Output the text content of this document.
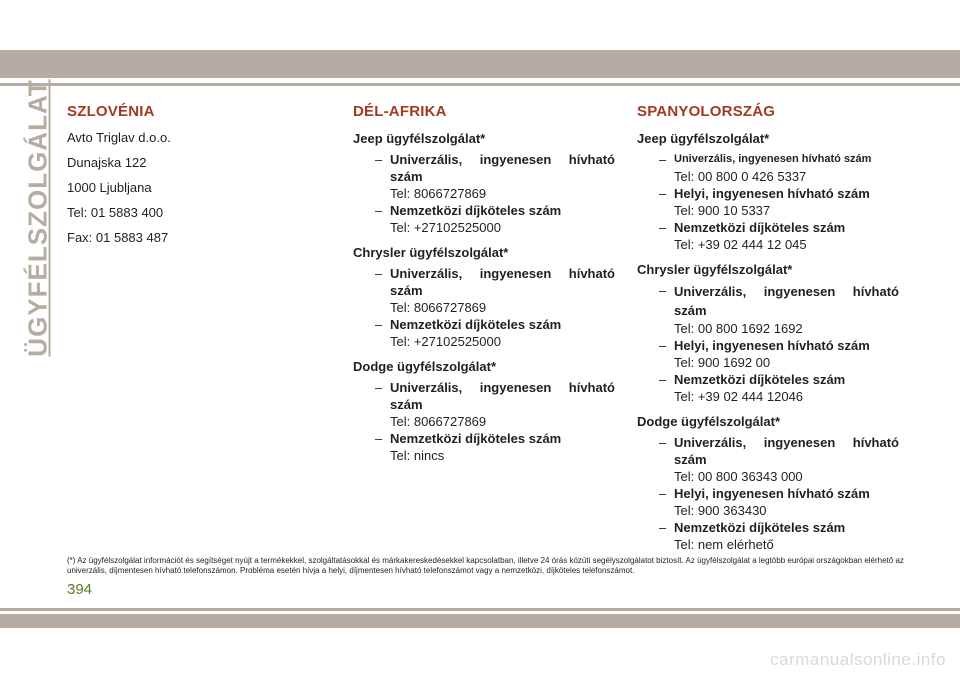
ÜGYFÉLSZOLGÁLAT SZLOVÉNIA

Avto Triglav d.o.o.

Dunajska 122

1000 Ljubljana

Tel: 01 5883 400

Fax: 01 5883 487

DÉL-AFRIKA

Jeep ügyfélszolgálat*

– Univerzális, ingyenesen hívható szám
Tel: 8066727869
– Nemzetközi díjköteles szám
Tel: +27102525000

Chrysler ügyfélszolgálat*

– Univerzális, ingyenesen hívható szám
Tel: 8066727869
– Nemzetközi díjköteles szám
Tel: +27102525000

Dodge ügyfélszolgálat*

– Univerzális, ingyenesen hívható szám
Tel: 8066727869
– Nemzetközi díjköteles szám
Tel: nincs
SPANYOLORSZÁG

Jeep ügyfélszolgálat*

– Univerzális, ingyenesen hívható szám
Tel: 00 800 0 426 5337
– Helyi, ingyenesen hívható szám
Tel: 900 10 5337
– Nemzetközi díjköteles szám
Tel: +39 02 444 12 045

Chrysler ügyfélszolgálat*

– Univerzális, ingyenesen hívható szám
Tel: 00 800 1692 1692
– Helyi, ingyenesen hívható szám
Tel: 900 1692 00
– Nemzetközi díjköteles szám
Tel: +39 02 444 12046

Dodge ügyfélszolgálat*

– Univerzális, ingyenesen hívható szám
Tel: 00 800 36343 000
– Helyi, ingyenesen hívható szám
Tel: 900 363430
– Nemzetközi díjköteles szám
Tel: nem elérhető
(*) Az ügyfélszolgálat információt és segítséget nyújt a termékekkel, szolgáltatásokkal és márkakereskedésekkel kapcsolatban, illetve 24 órás közúti segélyszolgálatot biztosít. Az ügyfélszolgálat a legtöbb európai országokban elérhető az univerzális, díjmentesen hívható telefonszámon. Probléma esetén hívja a helyi, díjmentesen hívható telefonszámot vagy a nemzetközi, díjköteles telefonszámot.
394
carmanualsonline.info
